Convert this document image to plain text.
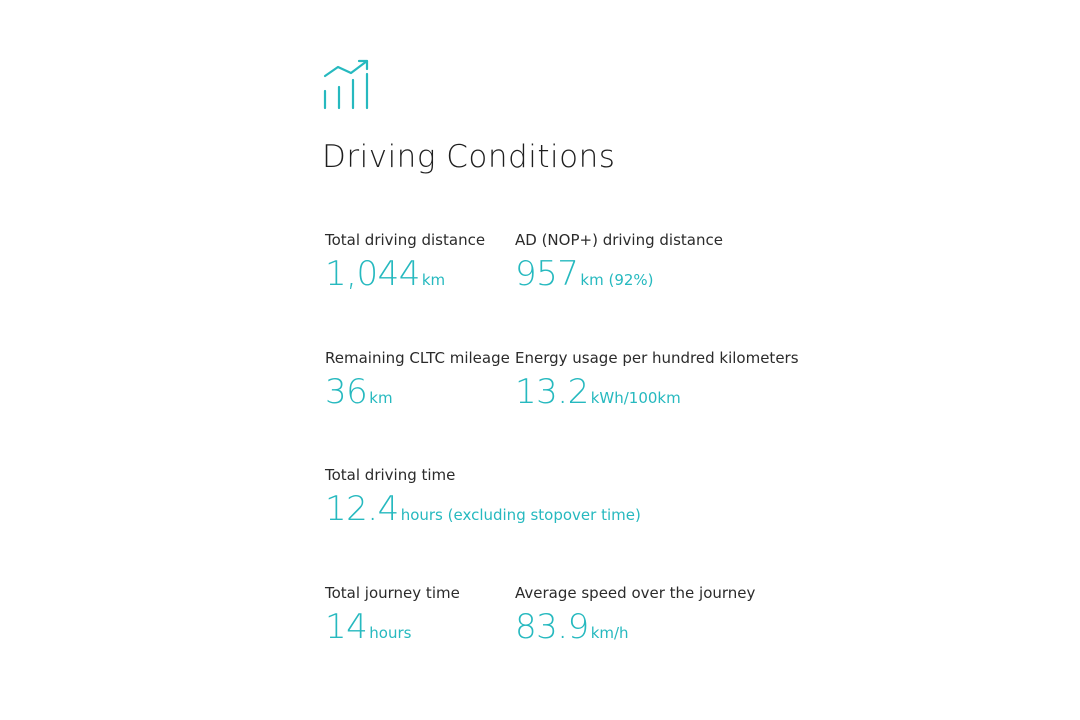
Driving Conditions
Total driving distance
1,044 km
AD (NOP+) driving distance
957 km (92%)
Remaining CLTC mileage
36 km
Energy usage per hundred kilometers
13.2 kWh/100km
Total driving time
12.4 hours (excluding stopover time)
Total journey time
14 hours
Average speed over the journey
83.9 km/h
